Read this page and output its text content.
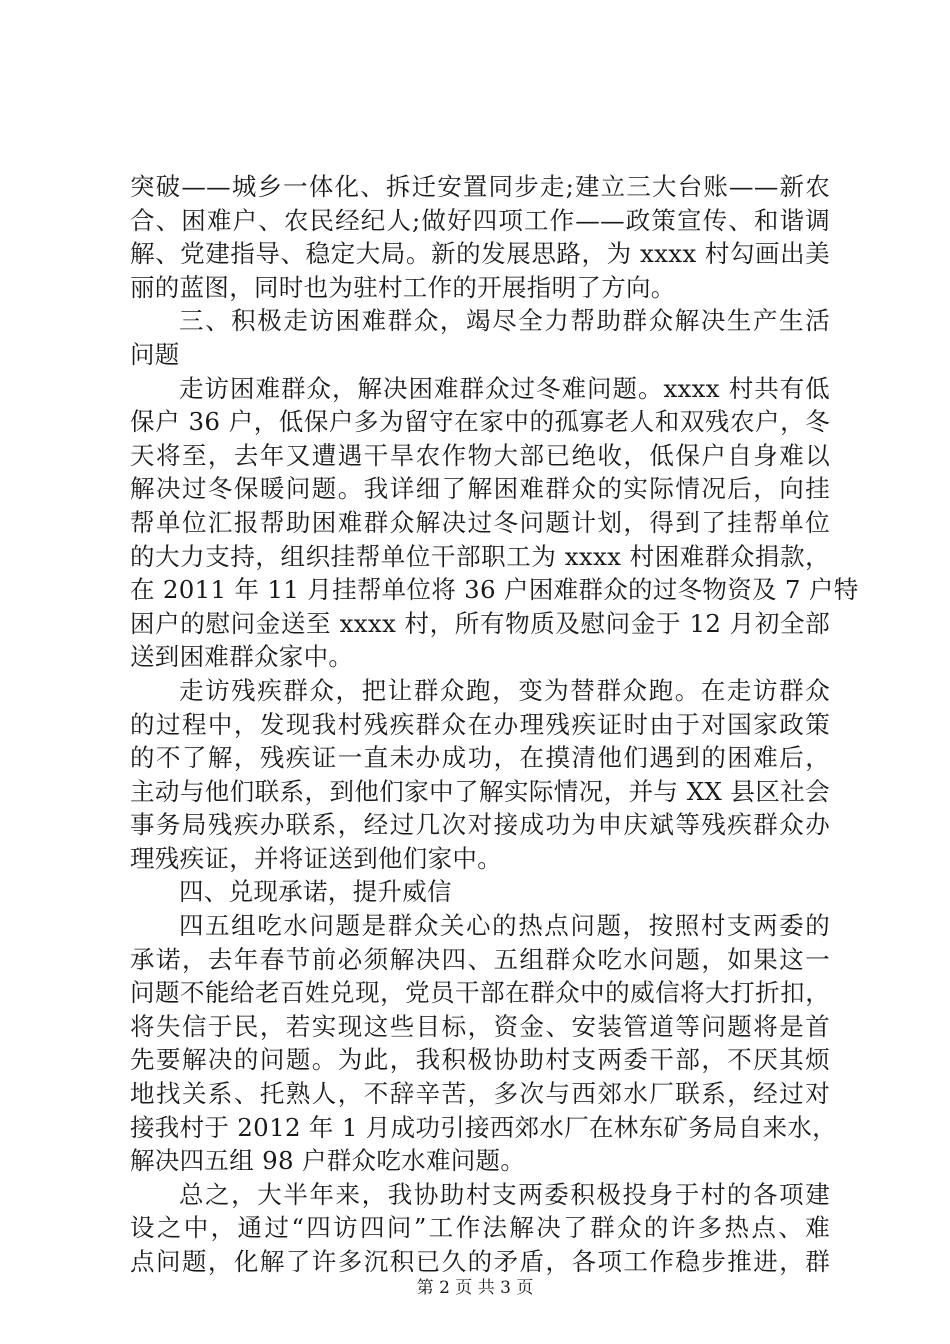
突破——城乡一体化、拆迁安置同步走;建立三大台账——新农
合、困难户、农民经纪人;做好四项工作——政策宣传、和谐调
解、党建指导、稳定大局。新的发展思路，为 xxxx 村勾画出美
丽的蓝图，同时也为驻村工作的开展指明了方向。
三、积极走访困难群众，竭尽全力帮助群众解决生产生活
问题
走访困难群众，解决困难群众过冬难问题。xxxx 村共有低
保户 36 户，低保户多为留守在家中的孤寡老人和双残农户，冬
天将至，去年又遭遇干旱农作物大部已绝收，低保户自身难以
解决过冬保暖问题。我详细了解困难群众的实际情况后，向挂
帮单位汇报帮助困难群众解决过冬问题计划，得到了挂帮单位
的大力支持，组织挂帮单位干部职工为 xxxx 村困难群众捐款，
在 2011 年 11 月挂帮单位将 36 户困难群众的过冬物资及 7 户特
困户的慰问金送至 xxxx 村，所有物质及慰问金于 12 月初全部
送到困难群众家中。
走访残疾群众，把让群众跑，变为替群众跑。在走访群众
的过程中，发现我村残疾群众在办理残疾证时由于对国家政策
的不了解，残疾证一直未办成功，在摸清他们遇到的困难后，
主动与他们联系，到他们家中了解实际情况，并与 XX 县区社会
事务局残疾办联系，经过几次对接成功为申庆斌等残疾群众办
理残疾证，并将证送到他们家中。
四、兑现承诺，提升威信
四五组吃水问题是群众关心的热点问题，按照村支两委的
承诺，去年春节前必须解决四、五组群众吃水问题，如果这一
问题不能给老百姓兑现，党员干部在群众中的威信将大打折扣，
将失信于民，若实现这些目标，资金、安装管道等问题将是首
先要解决的问题。为此，我积极协助村支两委干部，不厌其烦
地找关系、托熟人，不辞辛苦，多次与西郊水厂联系，经过对
接我村于 2012 年 1 月成功引接西郊水厂在林东矿务局自来水，
解决四五组 98 户群众吃水难问题。
总之，大半年来，我协助村支两委积极投身于村的各项建
设之中，通过“四访四问”工作法解决了群众的许多热点、难
点问题，化解了许多沉积已久的矛盾，各项工作稳步推进，群
第 2 页 共 3 页
